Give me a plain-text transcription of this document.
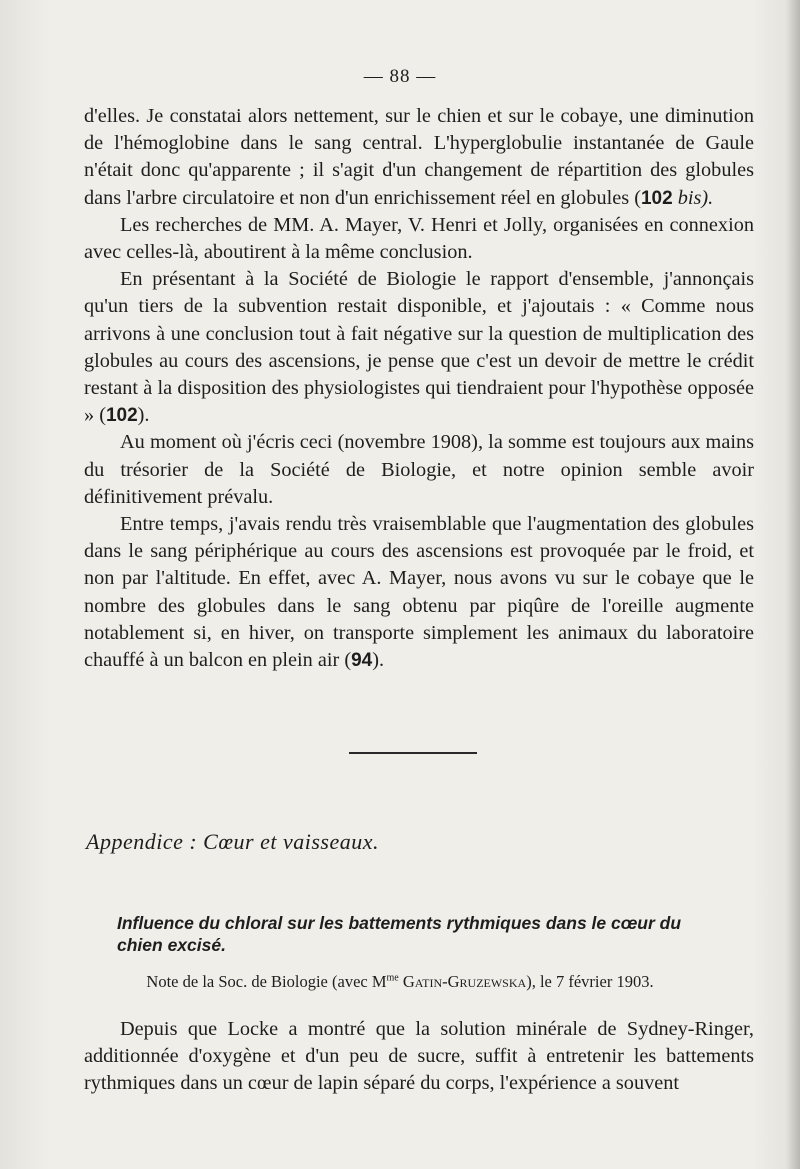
— 88 —

d'elles. Je constatai alors nettement, sur le chien et sur le cobaye, une diminution de l'hémoglobine dans le sang central. L'hyperglobulie instantanée de Gaule n'était donc qu'apparente ; il s'agit d'un changement de répartition des globules dans l'arbre circulatoire et non d'un enrichissement réel en globules (102 bis).

Les recherches de MM. A. Mayer, V. Henri et Jolly, organisées en connexion avec celles-là, aboutirent à la même conclusion.

En présentant à la Société de Biologie le rapport d'ensemble, j'annonçais qu'un tiers de la subvention restait disponible, et j'ajoutais : « Comme nous arrivons à une conclusion tout à fait négative sur la question de multiplication des globules au cours des ascensions, je pense que c'est un devoir de mettre le crédit restant à la disposition des physiologistes qui tiendraient pour l'hypothèse opposée » (102).

Au moment où j'écris ceci (novembre 1908), la somme est toujours aux mains du trésorier de la Société de Biologie, et notre opinion semble avoir définitivement prévalu.

Entre temps, j'avais rendu très vraisemblable que l'augmentation des globules dans le sang périphérique au cours des ascensions est provoquée par le froid, et non par l'altitude. En effet, avec A. Mayer, nous avons vu sur le cobaye que le nombre des globules dans le sang obtenu par piqûre de l'oreille augmente notablement si, en hiver, on transporte simplement les animaux du laboratoire chauffé à un balcon en plein air (94).

Appendice : Cœur et vaisseaux.
Influence du chloral sur les battements rythmiques dans le cœur du
chien excisé.
Note de la Soc. de Biologie (avec $M^{me}$ Gatin-Gruzewska), le 7 février 1903.

Depuis que Locke a montré que la solution minérale de Sydney-Ringer, additionnée d'oxygène et d'un peu de sucre, suffit à entretenir les battements rythmiques dans un cœur de lapin séparé du corps, l'expérience a souvent
